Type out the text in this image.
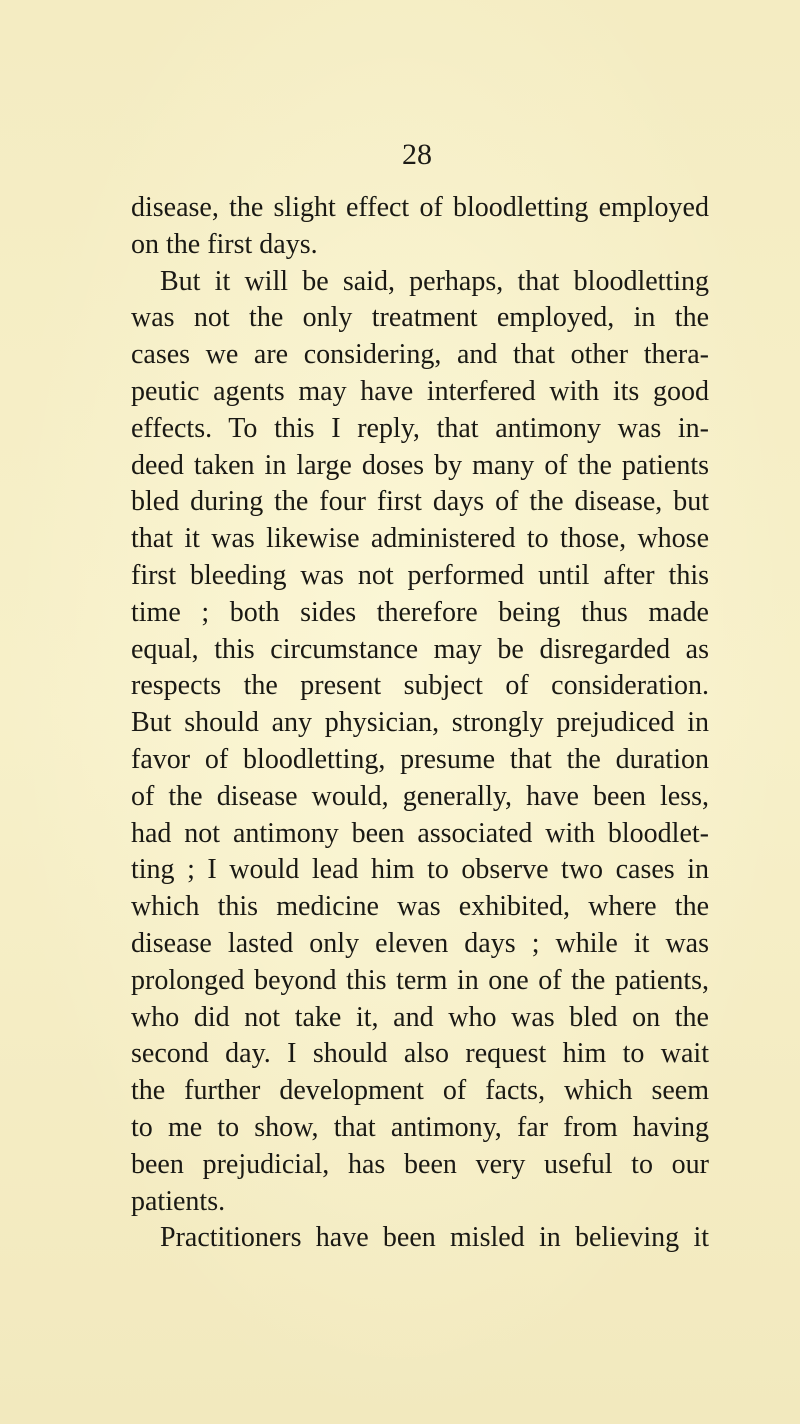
28
disease, the slight effect of bloodletting employed
on the first days.
But it will be said, perhaps, that bloodletting
was not the only treatment employed, in the
cases we are considering, and that other thera-
peutic agents may have interfered with its good
effects. To this I reply, that antimony was in-
deed taken in large doses by many of the patients
bled during the four first days of the disease, but
that it was likewise administered to those, whose
first bleeding was not performed until after this
time ; both sides therefore being thus made
equal, this circumstance may be disregarded as
respects the present subject of consideration.
But should any physician, strongly prejudiced in
favor of bloodletting, presume that the duration
of the disease would, generally, have been less,
had not antimony been associated with bloodlet-
ting ; I would lead him to observe two cases in
which this medicine was exhibited, where the
disease lasted only eleven days ; while it was
prolonged beyond this term in one of the patients,
who did not take it, and who was bled on the
second day. I should also request him to wait
the further development of facts, which seem
to me to show, that antimony, far from having
been prejudicial, has been very useful to our
patients.
Practitioners have been misled in believing it
